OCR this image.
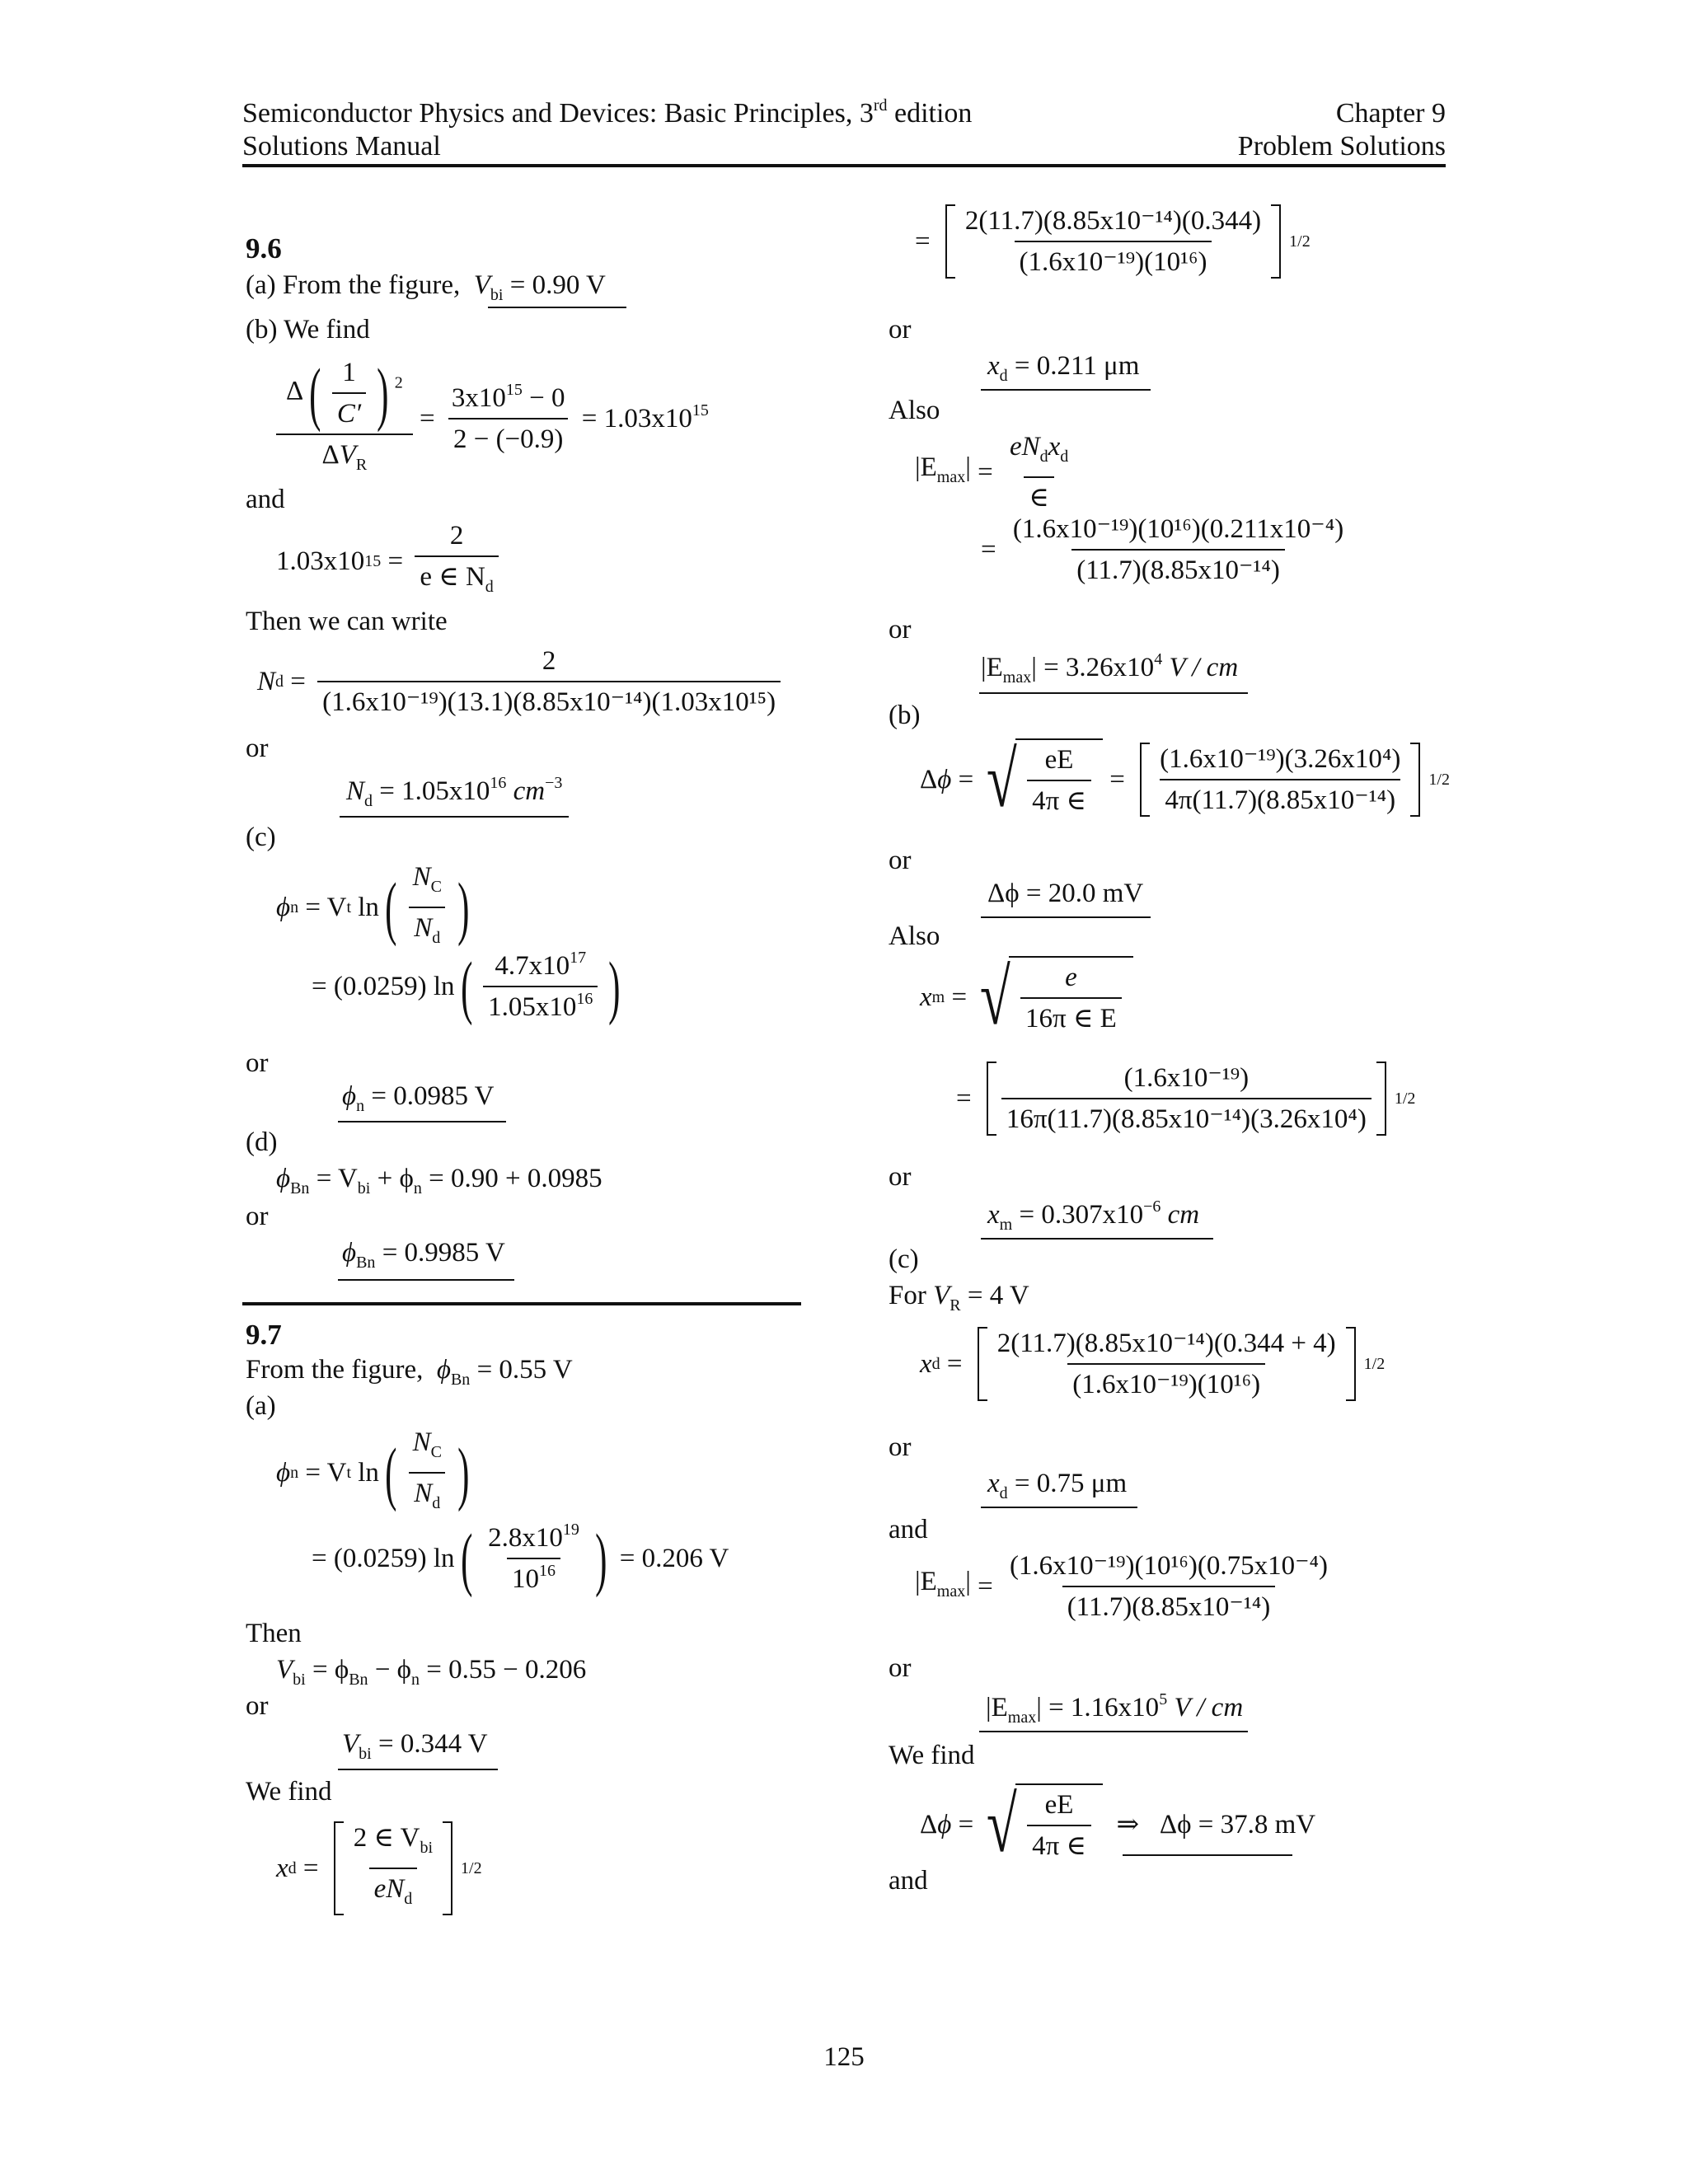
Semiconductor Physics and Devices: Basic Principles, 3rd edition
Solutions Manual
Chapter 9
Problem Solutions
9.6
(a) From the figure, $V_{bi} = 0.90$ V
(b) We find
$\frac{\Delta ( \frac{1}{C'} ) ^2}{\Delta V_R} = \frac{3x10^{15} - 0}{2 - (-0.9)} = 1.03x10^{15}$
and
1.03x10 $15 = \frac{2}{e \in N_d}$
Then we can write
N $d = \frac{2}{\text{(1.6x10⁻¹⁹)(13.1)(8.85x10⁻¹⁴)(1.03x10¹⁵)}}$
or
$N_d = 1.05x10^{16}$ $cm^{-3}$
(c)
ϕ n
= V t
ln ( $\frac{N_C}{N_d}$ )
= (0.0259) ln ( $\frac{4.7x10^{17}}{1.05x10^{16}}$ )
or
$\phi_n = 0.0985$ V
(d)
$\phi_{Bn} = V_{bi} + \phi_n = 0.90 + 0.0985$
or
$\phi_{Bn} = 0.9985$ V
9.7
From the figure, $\phi_{Bn} = 0.55$ V
(a)
ϕ n
= V t
ln ( $\frac{N_C}{N_d}$ )
= (0.0259) ln ( $\frac{2.8x10^{19}}{10^{16}}$ ) = 0.206 V
Then
$V_{bi} = \phi_{Bn} - \phi_n = 0.55 - 0.206$
or
$V_{bi} = 0.344$ V
We find
x $d = \frac{2 \in V_{bi}}{eN_d} 1/2$
= $\frac{\text{2(11.7)(8.85x10⁻¹⁴)(0.344)}}{\text{(1.6x10⁻¹⁹)(10¹⁶)}} 1/2$
or
$x_d = 0.211$ μm
Also
$|E_{max}| = \frac{eN_dx_d}{\in}$
= $\frac{\text{(1.6x10⁻¹⁹)(10¹⁶)(0.211x10⁻⁴)}}{\text{(11.7)(8.85x10⁻¹⁴)}}$
or
$|E_{max}| = 3.26x10^4$ V / cm
(b)
Δϕ = √ $\frac{eE}{4\pi \in} = \frac{\text{(1.6x10⁻¹⁹)(3.26x10⁴)}}{\text{4π(11.7)(8.85x10⁻¹⁴)}} 1/2$
or
Δϕ = 20.0 mV
Also
x m = √ $\frac{e}{16\pi \in E}$
= $\frac{\text{(1.6x10⁻¹⁹)}}{\text{16π(11.7)(8.85x10⁻¹⁴)(3.26x10⁴)}} 1/2$
or
$x_m = 0.307x10^{-6}$ cm
(c)
For $V_R = 4$ V
x $d = \frac{\text{2(11.7)(8.85x10⁻¹⁴)(0.344 + 4)}}{\text{(1.6x10⁻¹⁹)(10¹⁶)}} 1/2$
or
$x_d = 0.75$ μm
and
$|E_{max}| = \frac{\text{(1.6x10⁻¹⁹)(10¹⁶)(0.75x10⁻⁴)}}{\text{(11.7)(8.85x10⁻¹⁴)}}$
or
$|E_{max}| = 1.16x10^5$ V / cm
We find
Δϕ = √ $\frac{eE}{4\pi \in}$ ⇒ Δϕ = 37.8 mV
and
125
